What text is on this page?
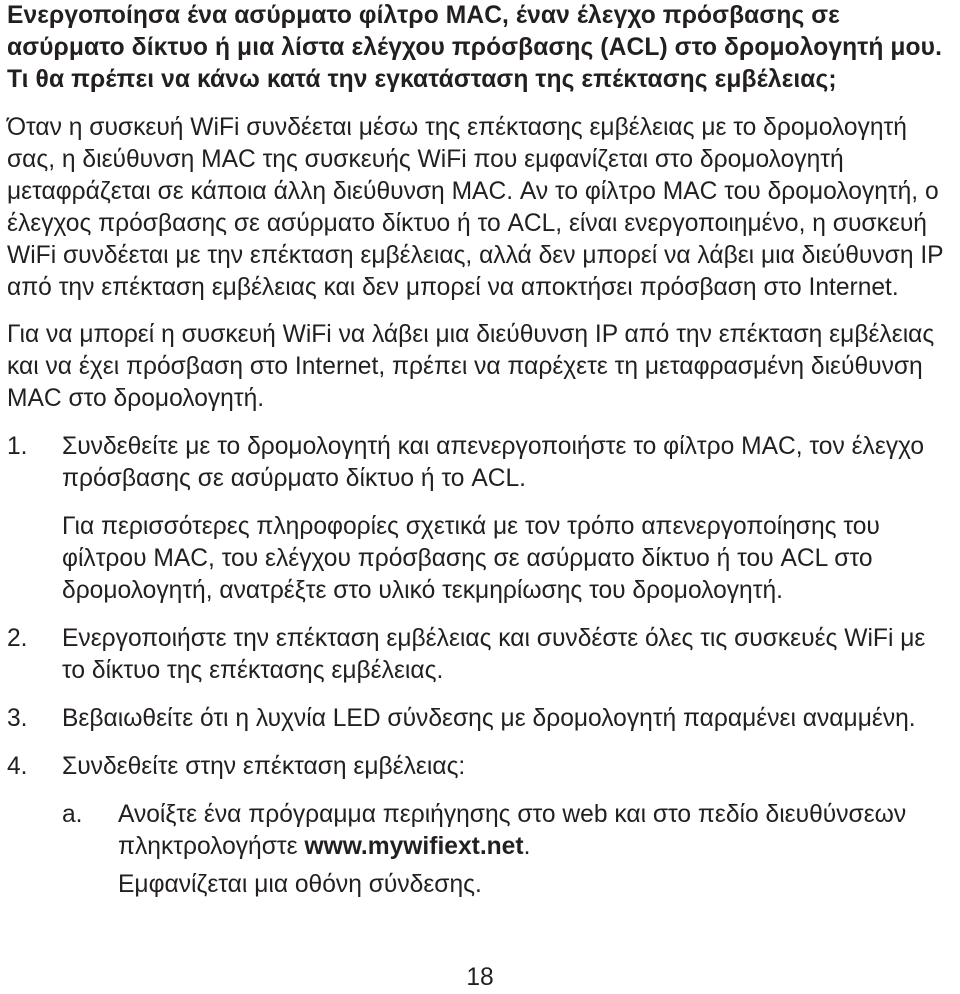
Ενεργοποίησα ένα ασύρματο φίλτρο MAC, έναν έλεγχο πρόσβασης σε ασύρματο δίκτυο ή μια λίστα ελέγχου πρόσβασης (ACL) στο δρομολογητή μου. Τι θα πρέπει να κάνω κατά την εγκατάσταση της επέκτασης εμβέλειας;

Όταν η συσκευή WiFi συνδέεται μέσω της επέκτασης εμβέλειας με το δρομολογητή σας, η διεύθυνση MAC της συσκευής WiFi που εμφανίζεται στο δρομολογητή μεταφράζεται σε κάποια άλλη διεύθυνση MAC. Αν το φίλτρο MAC του δρομολογητή, ο έλεγχος πρόσβασης σε ασύρματο δίκτυο ή το ACL, είναι ενεργοποιημένο, η συσκευή WiFi συνδέεται με την επέκταση εμβέλειας, αλλά δεν μπορεί να λάβει μια διεύθυνση IP από την επέκταση εμβέλειας και δεν μπορεί να αποκτήσει πρόσβαση στο Internet.

Για να μπορεί η συσκευή WiFi να λάβει μια διεύθυνση IP από την επέκταση εμβέλειας και να έχει πρόσβαση στο Internet, πρέπει να παρέχετε τη μεταφρασμένη διεύθυνση MAC στο δρομολογητή.

1. Συνδεθείτε με το δρομολογητή και απενεργοποιήστε το φίλτρο MAC, τον έλεγχο πρόσβασης σε ασύρματο δίκτυο ή το ACL.
Για περισσότερες πληροφορίες σχετικά με τον τρόπο απενεργοποίησης του φίλτρου MAC, του ελέγχου πρόσβασης σε ασύρματο δίκτυο ή του ACL στο δρομολογητή, ανατρέξτε στο υλικό τεκμηρίωσης του δρομολογητή.
2. Ενεργοποιήστε την επέκταση εμβέλειας και συνδέστε όλες τις συσκευές WiFi με το δίκτυο της επέκτασης εμβέλειας.
3. Βεβαιωθείτε ότι η λυχνία LED σύνδεσης με δρομολογητή παραμένει αναμμένη.
4. Συνδεθείτε στην επέκταση εμβέλειας:
a. Ανοίξτε ένα πρόγραμμα περιήγησης στο web και στο πεδίο διευθύνσεων πληκτρολογήστε www.mywifiext.net.
Εμφανίζεται μια οθόνη σύνδεσης.
18
